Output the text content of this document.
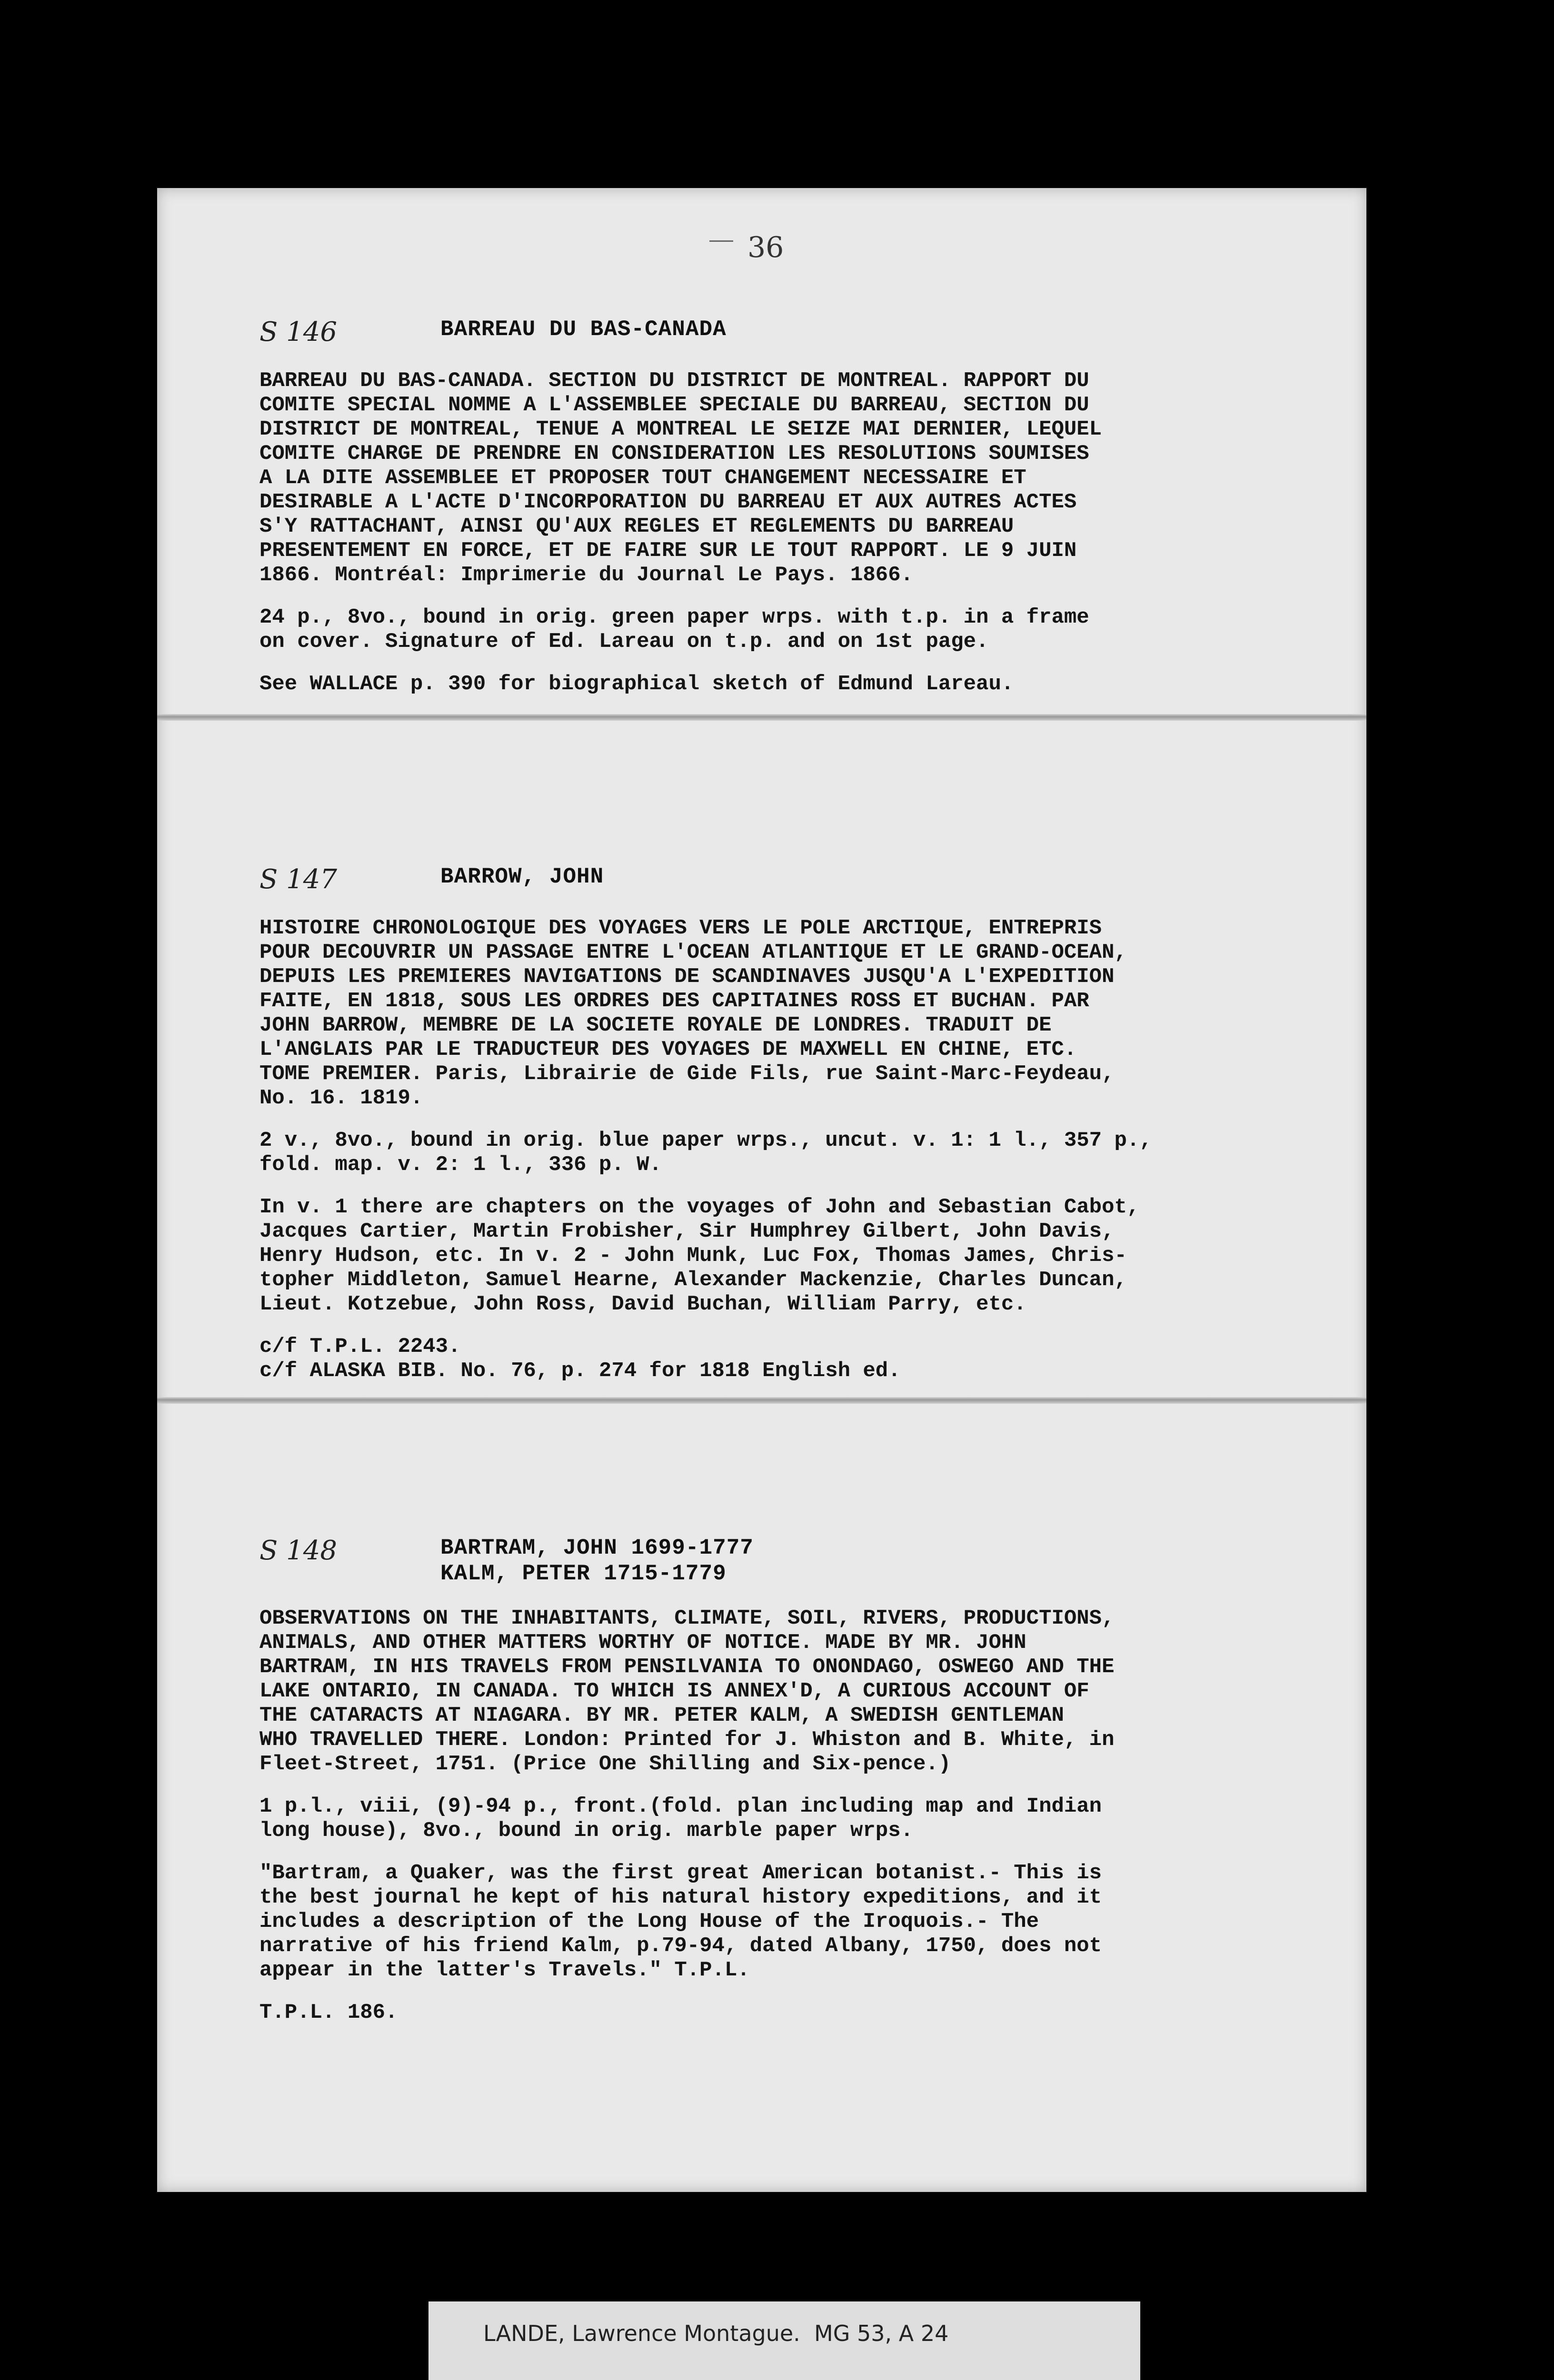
36
S 146	BARREAU DU BAS-CANADA
BARREAU DU BAS-CANADA. SECTION DU DISTRICT DE MONTREAL. RAPPORT DU
COMITE SPECIAL NOMME A L'ASSEMBLEE SPECIALE DU BARREAU, SECTION DU
DISTRICT DE MONTREAL, TENUE A MONTREAL LE SEIZE MAI DERNIER, LEQUEL
COMITE CHARGE DE PRENDRE EN CONSIDERATION LES RESOLUTIONS SOUMISES
A LA DITE ASSEMBLEE ET PROPOSER TOUT CHANGEMENT NECESSAIRE ET
DESIRABLE A L'ACTE D'INCORPORATION DU BARREAU ET AUX AUTRES ACTES
S'Y RATTACHANT, AINSI QU'AUX REGLES ET REGLEMENTS DU BARREAU
PRESENTEMENT EN FORCE, ET DE FAIRE SUR LE TOUT RAPPORT. LE 9 JUIN
1866. Montréal: Imprimerie du Journal Le Pays. 1866.
24 p., 8vo., bound in orig. green paper wrps. with t.p. in a frame
on cover. Signature of Ed. Lareau on t.p. and on 1st page.
See WALLACE p. 390 for biographical sketch of Edmund Lareau.
S 147	BARROW, JOHN
HISTOIRE CHRONOLOGIQUE DES VOYAGES VERS LE POLE ARCTIQUE, ENTREPRIS
POUR DECOUVRIR UN PASSAGE ENTRE L'OCEAN ATLANTIQUE ET LE GRAND-OCEAN,
DEPUIS LES PREMIERES NAVIGATIONS DE SCANDINAVES JUSQU'A L'EXPEDITION
FAITE, EN 1818, SOUS LES ORDRES DES CAPITAINES ROSS ET BUCHAN. PAR
JOHN BARROW, MEMBRE DE LA SOCIETE ROYALE DE LONDRES. TRADUIT DE
L'ANGLAIS PAR LE TRADUCTEUR DES VOYAGES DE MAXWELL EN CHINE, ETC.
TOME PREMIER. Paris, Librairie de Gide Fils, rue Saint-Marc-Feydeau,
No. 16. 1819.
2 v., 8vo., bound in orig. blue paper wrps., uncut. v. 1: 1 l., 357 p.,
fold. map. v. 2: 1 l., 336 p. W.
In v. 1 there are chapters on the voyages of John and Sebastian Cabot,
Jacques Cartier, Martin Frobisher, Sir Humphrey Gilbert, John Davis,
Henry Hudson, etc. In v. 2 - John Munk, Luc Fox, Thomas James, Chris-
topher Middleton, Samuel Hearne, Alexander Mackenzie, Charles Duncan,
Lieut. Kotzebue, John Ross, David Buchan, William Parry, etc.
c/f T.P.L. 2243.
c/f ALASKA BIB. No. 76, p. 274 for 1818 English ed.
S 148	BARTRAM, JOHN 1699-1777
KALM, PETER 1715-1779
OBSERVATIONS ON THE INHABITANTS, CLIMATE, SOIL, RIVERS, PRODUCTIONS,
ANIMALS, AND OTHER MATTERS WORTHY OF NOTICE. MADE BY MR. JOHN
BARTRAM, IN HIS TRAVELS FROM PENSILVANIA TO ONONDAGO, OSWEGO AND THE
LAKE ONTARIO, IN CANADA. TO WHICH IS ANNEX'D, A CURIOUS ACCOUNT OF
THE CATARACTS AT NIAGARA. BY MR. PETER KALM, A SWEDISH GENTLEMAN
WHO TRAVELLED THERE. London: Printed for J. Whiston and B. White, in
Fleet-Street, 1751. (Price One Shilling and Six-pence.)
1 p.l., viii, (9)-94 p., front.(fold. plan including map and Indian
long house), 8vo., bound in orig. marble paper wrps.
"Bartram, a Quaker, was the first great American botanist.- This is
the best journal he kept of his natural history expeditions, and it
includes a description of the Long House of the Iroquois.- The
narrative of his friend Kalm, p.79-94, dated Albany, 1750, does not
appear in the latter's Travels." T.P.L.
T.P.L. 186.
LANDE, Lawrence Montague.  MG 53, A 24
